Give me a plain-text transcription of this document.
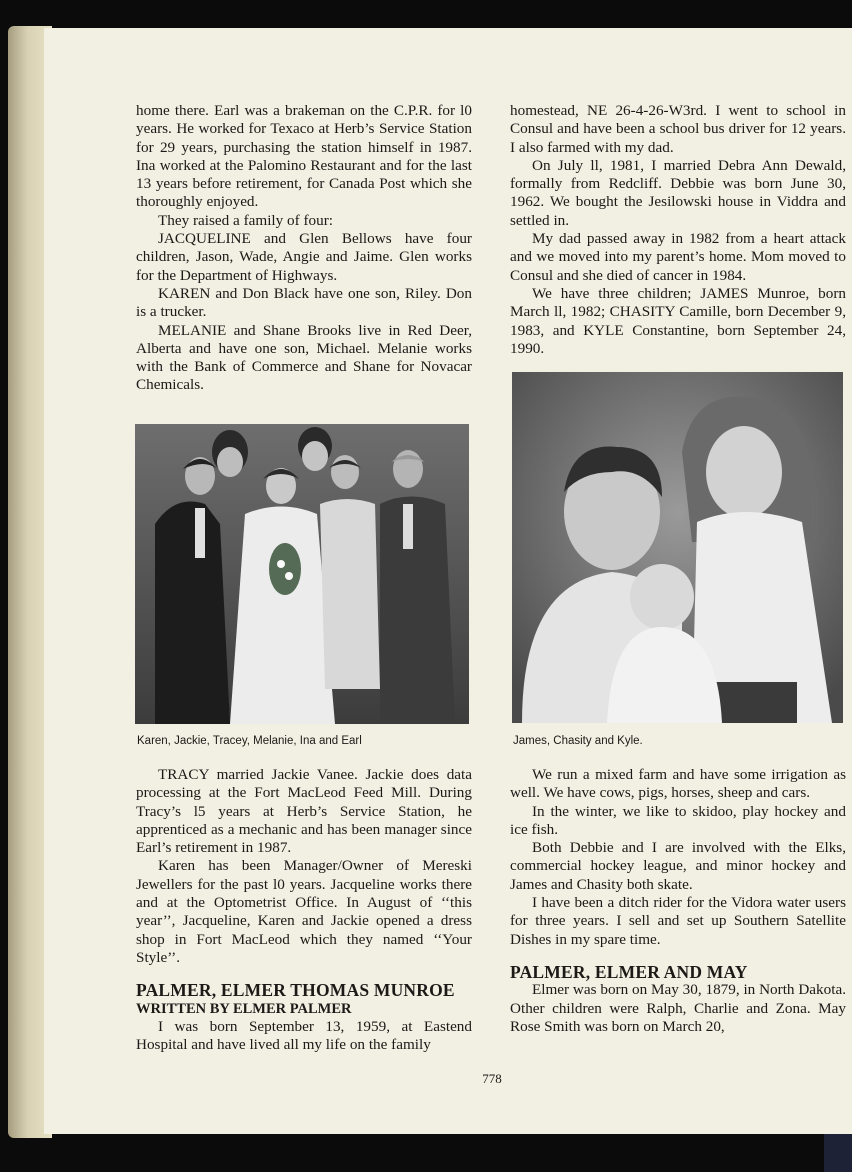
home there. Earl was a brakeman on the C.P.R. for l0 years. He worked for Texaco at Herb’s Service Station for 29 years, purchasing the station himself in 1987. Ina worked at the Palomino Restaurant and for the last 13 years before retirement, for Canada Post which she thoroughly enjoyed.

They raised a family of four:

JACQUELINE and Glen Bellows have four children, Jason, Wade, Angie and Jaime. Glen works for the Department of Highways.

KAREN and Don Black have one son, Riley. Don is a trucker.

MELANIE and Shane Brooks live in Red Deer, Alberta and have one son, Michael. Melanie works with the Bank of Commerce and Shane for Novacar Chemicals.

Karen, Jackie, Tracey, Melanie, Ina and Earl

TRACY married Jackie Vanee. Jackie does data processing at the Fort MacLeod Feed Mill. During Tracy’s l5 years at Herb’s Service Station, he apprenticed as a mechanic and has been manager since Earl’s retirement in 1987.

Karen has been Manager/Owner of Mereski Jewellers for the past l0 years. Jacqueline works there and at the Optometrist Office. In August of ‘‘this year’’, Jacqueline, Karen and Jackie opened a dress shop in Fort MacLeod which they named ‘‘Your Style’’.

PALMER, ELMER THOMAS MUNROE
WRITTEN BY ELMER PALMER

I was born September 13, 1959, at Eastend Hospital and have lived all my life on the family

homestead, NE 26-4-26-W3rd. I went to school in Consul and have been a school bus driver for 12 years. I also farmed with my dad.

On July ll, 1981, I married Debra Ann Dewald, formally from Redcliff. Debbie was born June 30, 1962. We bought the Jesilowski house in Viddra and settled in.

My dad passed away in 1982 from a heart attack and we moved into my parent’s home. Mom moved to Consul and she died of cancer in 1984.

We have three children; JAMES Munroe, born March ll, 1982; CHASITY Camille, born December 9, 1983, and KYLE Constantine, born September 24, 1990.

James, Chasity and Kyle.

We run a mixed farm and have some irrigation as well. We have cows, pigs, horses, sheep and cars.

In the winter, we like to skidoo, play hockey and ice fish.

Both Debbie and I are involved with the Elks, commercial hockey league, and minor hockey and James and Chasity both skate.

I have been a ditch rider for the Vidora water users for three years. I sell and set up Southern Satellite Dishes in my spare time.

PALMER, ELMER AND MAY

Elmer was born on May 30, 1879, in North Dakota. Other children were Ralph, Charlie and Zona. May Rose Smith was born on March 20,

778
